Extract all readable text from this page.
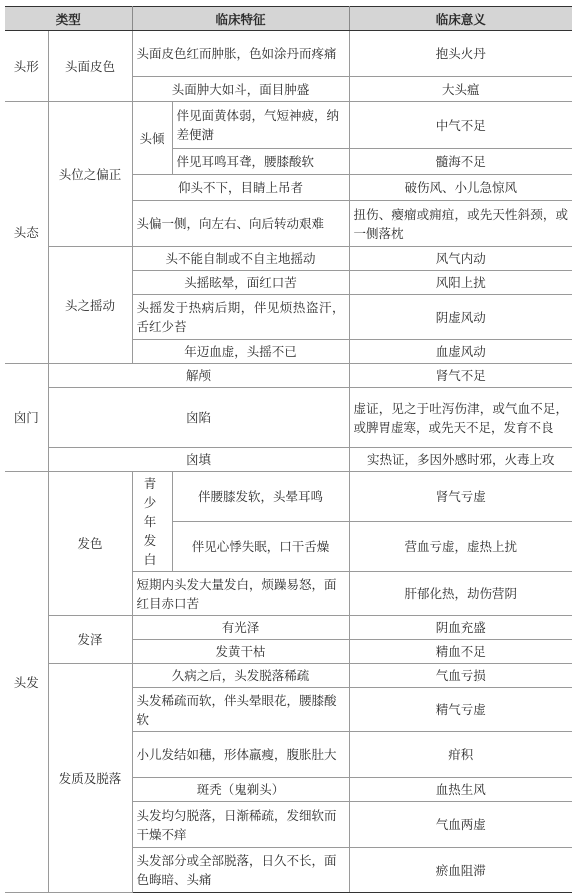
类型		临床特征		临床意义
头形	头面皮色	头面皮色红而肿胀，色如涂丹而疼痛		抱头火丹
		头面肿大如斗，面目肿盛		大头瘟
头态	头位之偏正	头倾	伴见面黄体弱，气短神疲，纳差便溏	中气不足
			伴见耳鸣耳聋，腰膝酸软	髓海不足
		仰头不下，目睛上吊者		破伤风、小儿急惊风
		头偏一侧，向左右、向后转动艰难		扭伤、瘿瘤或痈疽，或先天性斜颈，或一侧落枕
	头之摇动	头不能自制或不自主地摇动		风气内动
		头摇眩晕，面红口苦		风阳上扰
		头摇发于热病后期，伴见烦热盗汗，舌红少苔		阴虚风动
		年迈血虚，头摇不已		血虚风动
囟门	解颅			肾气不足
	囟陷			虚证，见之于吐泻伤津，或气血不足，或脾胃虚寒，或先天不足，发育不良
	囟填			实热证，多因外感时邪，火毒上攻
头发	发色	青少年发白	伴腰膝发软，头晕耳鸣	肾气亏虚
			伴见心悸失眠，口干舌燥	营血亏虚，虚热上扰
		短期内头发大量发白，烦躁易怒，面红目赤口苦		肝郁化热，劫伤营阴
	发泽	有光泽		阴血充盛
		发黄干枯		精血不足
	发质及脱落	久病之后，头发脱落稀疏		气血亏损
		头发稀疏而软，伴头晕眼花，腰膝酸软		精气亏虚
		小儿发结如穗，形体羸瘦，腹胀肚大		疳积
		斑秃（鬼剃头）		血热生风
		头发均匀脱落，日渐稀疏，发细软而干燥不痒		气血两虚
		头发部分或全部脱落，日久不长，面色晦暗、头痛		瘀血阻滞
